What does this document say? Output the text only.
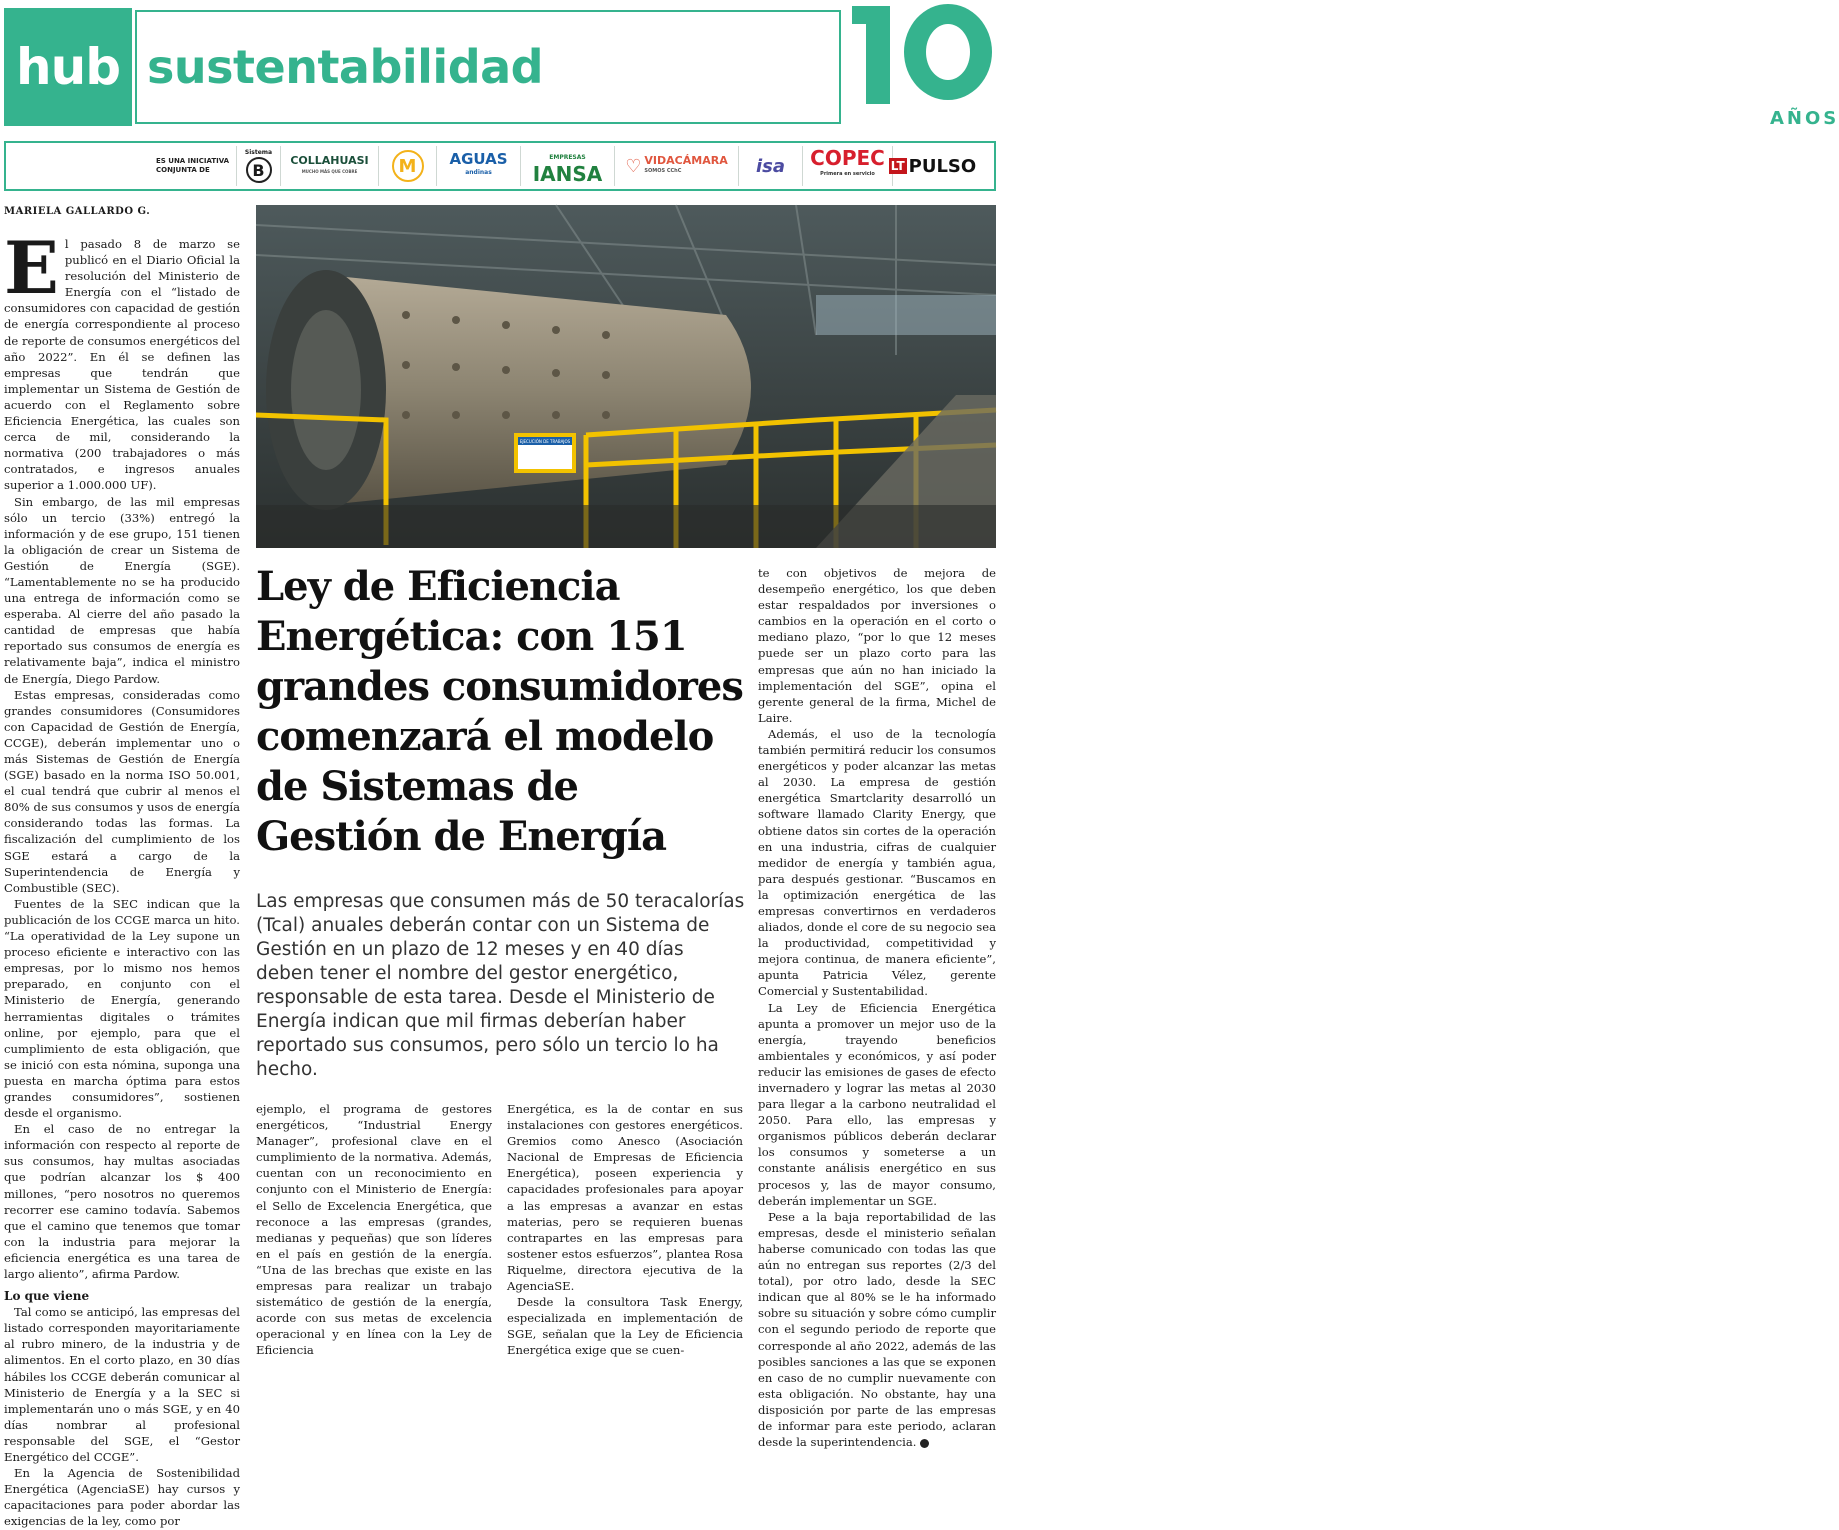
hub sustentabilidad
AÑOS
ES UNA INICIATIVA CONJUNTA DE
Sistema
B	COLLAHUASI
MUCHO MÁS QUE COBRE	M	AGUAS
andinas
EMPRESAS
IANSA ♡ VIDACÁMARA
SOMOS CChC	isa COPEC
Primera en servicio
LT PULSO
MARIELA GALLARDO G.

El pasado 8 de marzo se publicó en el Diario Oficial la resolución del Ministerio de Energía con el “listado de consumidores con capacidad de gestión de energía correspondiente al proceso de reporte de consumos energéticos del año 2022”. En él se definen las empresas que tendrán que implementar un Sistema de Gestión de acuerdo con el Reglamento sobre Eficiencia Energética, las cuales son cerca de mil, considerando la normativa (200 trabajadores o más contratados, e ingresos anuales superior a 1.000.000 UF).

Sin embargo, de las mil empresas sólo un tercio (33%) entregó la información y de ese grupo, 151 tienen la obligación de crear un Sistema de Gestión de Energía (SGE). “Lamentablemente no se ha producido una entrega de información como se esperaba. Al cierre del año pasado la cantidad de empresas que había reportado sus consumos de energía es relativamente baja”, indica el ministro de Energía, Diego Pardow.

Estas empresas, consideradas como grandes consumidores (Consumidores con Capacidad de Gestión de Energía, CCGE), deberán implementar uno o más Sistemas de Gestión de Energía (SGE) basado en la norma ISO 50.001, el cual tendrá que cubrir al menos el 80% de sus consumos y usos de energía considerando todas las formas. La fiscalización del cumplimiento de los SGE estará a cargo de la Superintendencia de Energía y Combustible (SEC).

Fuentes de la SEC indican que la publicación de los CCGE marca un hito. “La operatividad de la Ley supone un proceso eficiente e interactivo con las empresas, por lo mismo nos hemos preparado, en conjunto con el Ministerio de Energía, generando herramientas digitales o trámites online, por ejemplo, para que el cumplimiento de esta obligación, que se inició con esta nómina, suponga una puesta en marcha óptima para estos grandes consumidores”, sostienen desde el organismo.

En el caso de no entregar la información con respecto al reporte de sus consumos, hay multas asociadas que podrían alcanzar los $ 400 millones, “pero nosotros no queremos recorrer ese camino todavía. Sabemos que el camino que tenemos que tomar con la industria para mejorar la eficiencia energética es una tarea de largo aliento”, afirma Pardow.

Lo que viene

Tal como se anticipó, las empresas del listado corresponden mayoritariamente al rubro minero, de la industria y de alimentos. En el corto plazo, en 30 días hábiles los CCGE deberán comunicar al Ministerio de Energía y a la SEC si implementarán uno o más SGE, y en 40 días nombrar al profesional responsable del SGE, el “Gestor Energético del CCGE”.

En la Agencia de Sostenibilidad Energética (AgenciaSE) hay cursos y capacitaciones para poder abordar las exigencias de la ley, como por

EJECUCIÓN DE TRABAJOS
Ley de Eficiencia Energética: con 151 grandes consumidores comenzará el modelo de Sistemas de Gestión de Energía

Las empresas que consumen más de 50 teracalorías (Tcal) anuales deberán contar con un Sistema de Gestión en un plazo de 12 meses y en 40 días deben tener el nombre del gestor energético, responsable de esta tarea. Desde el Ministerio de Energía indican que mil firmas deberían haber reportado sus consumos, pero sólo un tercio lo ha hecho.

ejemplo, el programa de gestores energéticos, “Industrial Energy Manager”, profesional clave en el cumplimiento de la normativa. Además, cuentan con un reconocimiento en conjunto con el Ministerio de Energía: el Sello de Excelencia Energética, que reconoce a las empresas (grandes, medianas y pequeñas) que son líderes en el país en gestión de la energía. “Una de las brechas que existe en las empresas para realizar un trabajo sistemático de gestión de la energía, acorde con sus metas de excelencia operacional y en línea con la Ley de Eficiencia

Energética, es la de contar en sus instalaciones con gestores energéticos. Gremios como Anesco (Asociación Nacional de Empresas de Eficiencia Energética), poseen experiencia y capacidades profesionales para apoyar a las empresas a avanzar en estas materias, pero se requieren buenas contrapartes en las empresas para sostener estos esfuerzos”, plantea Rosa Riquelme, directora ejecutiva de la AgenciaSE.

Desde la consultora Task Energy, especializada en implementación de SGE, señalan que la Ley de Eficiencia Energética exige que se cuen-

te con objetivos de mejora de desempeño energético, los que deben estar respaldados por inversiones o cambios en la operación en el corto o mediano plazo, “por lo que 12 meses puede ser un plazo corto para las empresas que aún no han iniciado la implementación del SGE”, opina el gerente general de la firma, Michel de Laire.

Además, el uso de la tecnología también permitirá reducir los consumos energéticos y poder alcanzar las metas al 2030. La empresa de gestión energética Smartclarity desarrolló un software llamado Clarity Energy, que obtiene datos sin cortes de la operación en una industria, cifras de cualquier medidor de energía y también agua, para después gestionar. “Buscamos en la optimización energética de las empresas convertirnos en verdaderos aliados, donde el core de su negocio sea la productividad, competitividad y mejora continua, de manera eficiente”, apunta Patricia Vélez, gerente Comercial y Sustentabilidad.

La Ley de Eficiencia Energética apunta a promover un mejor uso de la energía, trayendo beneficios ambientales y económicos, y así poder reducir las emisiones de gases de efecto invernadero y lograr las metas al 2030 para llegar a la carbono neutralidad el 2050. Para ello, las empresas y organismos públicos deberán declarar los consumos y someterse a un constante análisis energético en sus procesos y, las de mayor consumo, deberán implementar un SGE.

Pese a la baja reportabilidad de las empresas, desde el ministerio señalan haberse comunicado con todas las que aún no entregan sus reportes (2/3 del total), por otro lado, desde la SEC indican que al 80% se le ha informado sobre su situación y sobre cómo cumplir con el segundo periodo de reporte que corresponde al año 2022, además de las posibles sanciones a las que se exponen en caso de no cumplir nuevamente con esta obligación. No obstante, hay una disposición por parte de las empresas de informar para este periodo, aclaran desde la superintendencia.
